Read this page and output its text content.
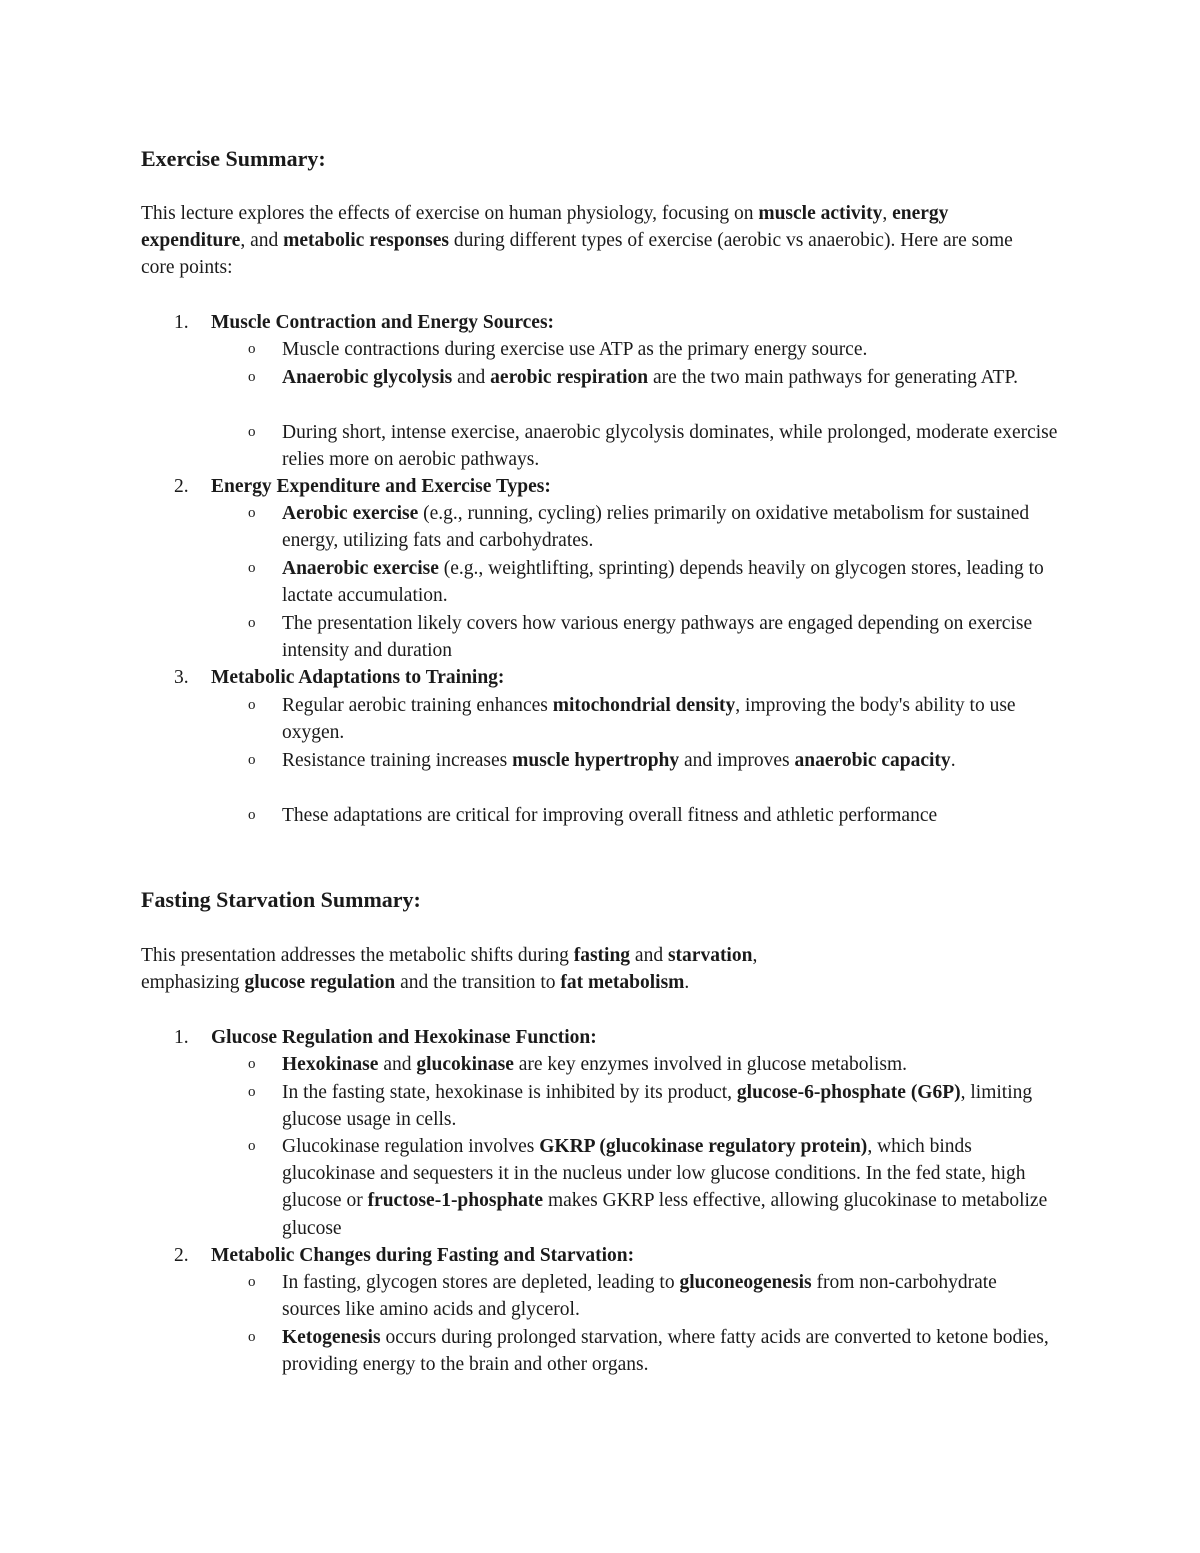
Exercise Summary:

This lecture explores the effects of exercise on human physiology, focusing on muscle activity, energy expenditure, and metabolic responses during different types of exercise (aerobic vs anaerobic). Here are some core points:

1.	Muscle Contraction and Energy Sources:
o Muscle contractions during exercise use ATP as the primary energy source.

o Anaerobic glycolysis and aerobic respiration are the two main pathways for generating ATP.

o During short, intense exercise, anaerobic glycolysis dominates, while prolonged, moderate exercise relies more on aerobic pathways.

2.	Energy Expenditure and Exercise Types:
o Aerobic exercise (e.g., running, cycling) relies primarily on oxidative metabolism for sustained energy, utilizing fats and carbohydrates.

o Anaerobic exercise (e.g., weightlifting, sprinting) depends heavily on glycogen stores, leading to lactate accumulation.

o The presentation likely covers how various energy pathways are engaged depending on exercise intensity and duration

3.	Metabolic Adaptations to Training:
o Regular aerobic training enhances mitochondrial density, improving the body's ability to use oxygen.

o Resistance training increases muscle hypertrophy and improves anaerobic capacity.

o These adaptations are critical for improving overall fitness and athletic performance

Fasting Starvation Summary:

This presentation addresses the metabolic shifts during fasting and starvation,
emphasizing glucose regulation and the transition to fat metabolism.

1.	Glucose Regulation and Hexokinase Function:
o Hexokinase and glucokinase are key enzymes involved in glucose metabolism.

o In the fasting state, hexokinase is inhibited by its product, glucose-6-phosphate (G6P), limiting glucose usage in cells.

o Glucokinase regulation involves GKRP (glucokinase regulatory protein), which binds glucokinase and sequesters it in the nucleus under low glucose conditions. In the fed state, high glucose or fructose-1-phosphate makes GKRP less effective, allowing glucokinase to metabolize glucose

2.	Metabolic Changes during Fasting and Starvation:
o In fasting, glycogen stores are depleted, leading to gluconeogenesis from non-carbohydrate sources like amino acids and glycerol.

o Ketogenesis occurs during prolonged starvation, where fatty acids are converted to ketone bodies, providing energy to the brain and other organs.
